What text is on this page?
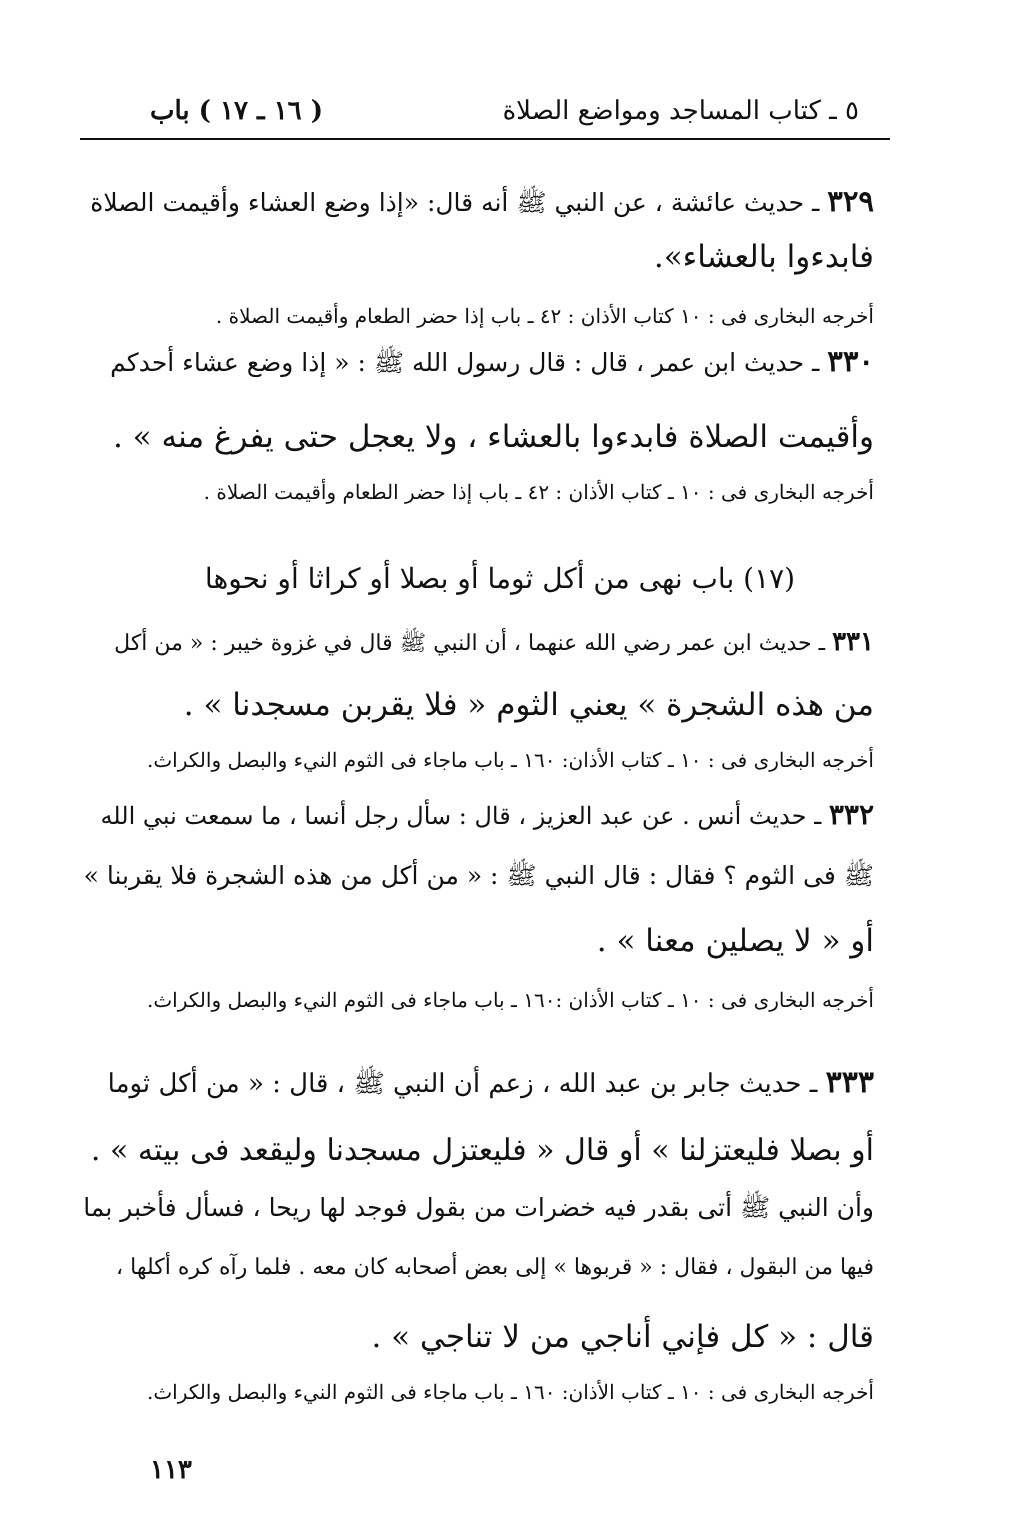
( ١٦ ـ ١٧ ) باب	٥ ـ كتاب المساجد ومواضع الصلاة
٣٢٩ ـ حديث عائشة ، عن النبي ﷺ أنه قال: «إذا وضع العشاء وأقيمت الصلاة
فابدءوا بالعشاء».
أخرجه البخارى فى : ١٠ كتاب الأذان : ٤٢ ـ باب إذا حضر الطعام وأقيمت الصلاة .
٣٣٠ ـ حديث ابن عمر ، قال : قال رسول الله ﷺ : « إذا وضع عشاء أحدكم
وأقيمت الصلاة فابدءوا بالعشاء ، ولا يعجل حتى يفرغ منه » .
أخرجه البخارى فى : ١٠ ـ كتاب الأذان : ٤٢ ـ باب إذا حضر الطعام وأقيمت الصلاة .
(١٧) باب نهى من أكل ثوما أو بصلا أو كراثا أو نحوها
٣٣١ ـ حديث ابن عمر رضي الله عنهما ، أن النبي ﷺ قال في غزوة خيبر : « من أكل
من هذه الشجرة » يعني الثوم « فلا يقربن مسجدنا » .
أخرجه البخارى فى : ١٠ ـ كتاب الأذان: ١٦٠ ـ باب ماجاء فى الثوم النيء والبصل والكراث.
٣٣٢ ـ حديث أنس . عن عبد العزيز ، قال : سأل رجل أنسا ، ما سمعت نبي الله
ﷺ فى الثوم ؟ فقال : قال النبي ﷺ : « من أكل من هذه الشجرة فلا يقربنا »
أو « لا يصلين معنا » .
أخرجه البخارى فى : ١٠ ـ كتاب الأذان :١٦٠ ـ باب ماجاء فى الثوم النيء والبصل والكراث.
٣٣٣ ـ حديث جابر بن عبد الله ، زعم أن النبي ﷺ ، قال : « من أكل ثوما
أو بصلا فليعتزلنا » أو قال « فليعتزل مسجدنا وليقعد فى بيته » .
وأن النبي ﷺ أتى بقدر فيه خضرات من بقول فوجد لها ريحا ، فسأل فأخبر بما
فيها من البقول ، فقال : « قربوها » إلى بعض أصحابه كان معه . فلما رآه كره أكلها ،
قال : « كل فإني أناجي من لا تناجي » .
أخرجه البخارى فى : ١٠ ـ كتاب الأذان: ١٦٠ ـ باب ماجاء فى الثوم النيء والبصل والكراث.
١١٣
